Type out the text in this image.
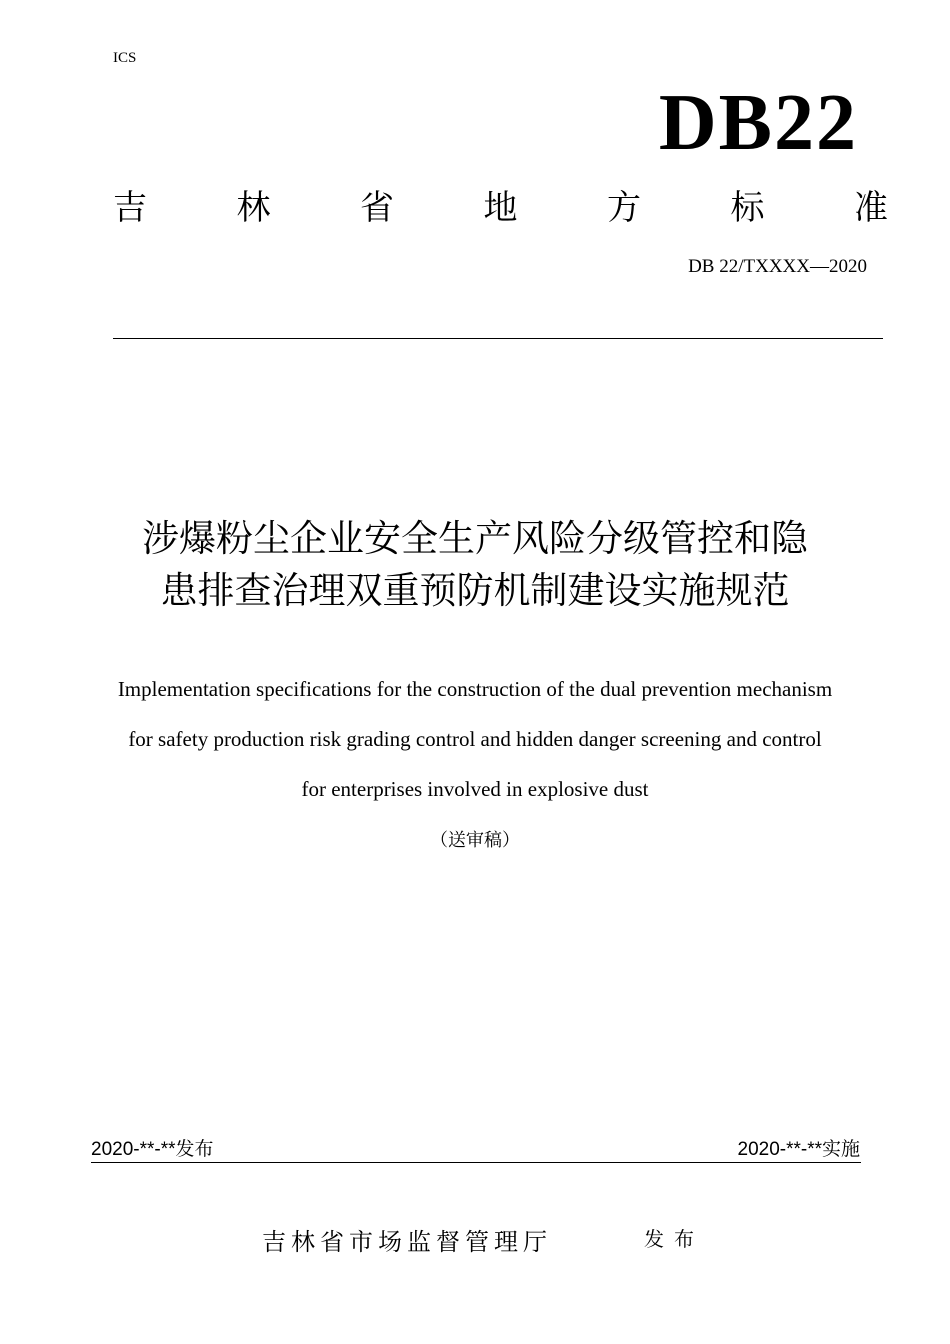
ICS
DB22
吉	林	省	地	方	标	准
DB 22/TXXXX—2020
涉爆粉尘企业安全生产风险分级管控和隐
患排查治理双重预防机制建设实施规范
Implementation specifications for the construction of the dual prevention mechanism
for safety production risk grading control and hidden danger screening and control
for enterprises involved in explosive dust
（送审稿）
2020-**-**发布	2020-**-**实施
吉林省市场监督管理厅	发布
